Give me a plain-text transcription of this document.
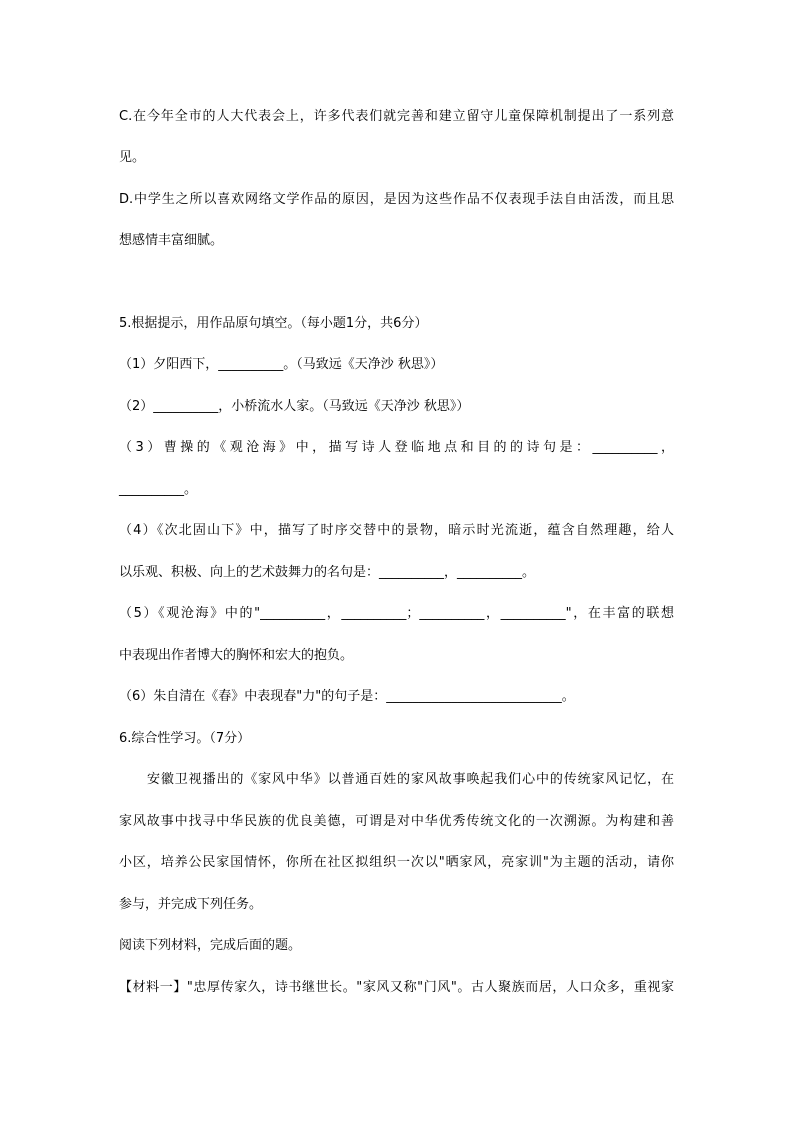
C.在今年全市的人大代表会上，许多代表们就完善和建立留守儿童保障机制提出了一系列意
见。
D.中学生之所以喜欢网络文学作品的原因，是因为这些作品不仅表现手法自由活泼，而且思
想感情丰富细腻。
5.根据提示，用作品原句填空。（每小题1分，共6分）
（1）夕阳西下，__________。（马致远《天净沙 秋思》）
（2）__________，小桥流水人家。（马致远《天净沙 秋思》）
（3）曹操的《观沧海》中，描写诗人登临地点和目的的诗句是：__________，
__________。
（4）《次北固山下》中，描写了时序交替中的景物，暗示时光流逝，蕴含自然理趣，给人
以乐观、积极、向上的艺术鼓舞力的名句是：__________，__________。
（5）《观沧海》中的"__________，__________；__________，__________"，在丰富的联想
中表现出作者博大的胸怀和宏大的抱负。
（6）朱自清在《春》中表现春"力"的句子是：___________________________。
6.综合性学习。（7分）
安徽卫视播出的《家风中华》以普通百姓的家风故事唤起我们心中的传统家风记忆，在
家风故事中找寻中华民族的优良美德，可谓是对中华优秀传统文化的一次溯源。为构建和善
小区，培养公民家国情怀，你所在社区拟组织一次以"晒家风，亮家训"为主题的活动，请你
参与，并完成下列任务。
阅读下列材料，完成后面的题。
【材料一】"忠厚传家久，诗书继世长。"家风又称"门风"。古人聚族而居，人口众多，重视家
